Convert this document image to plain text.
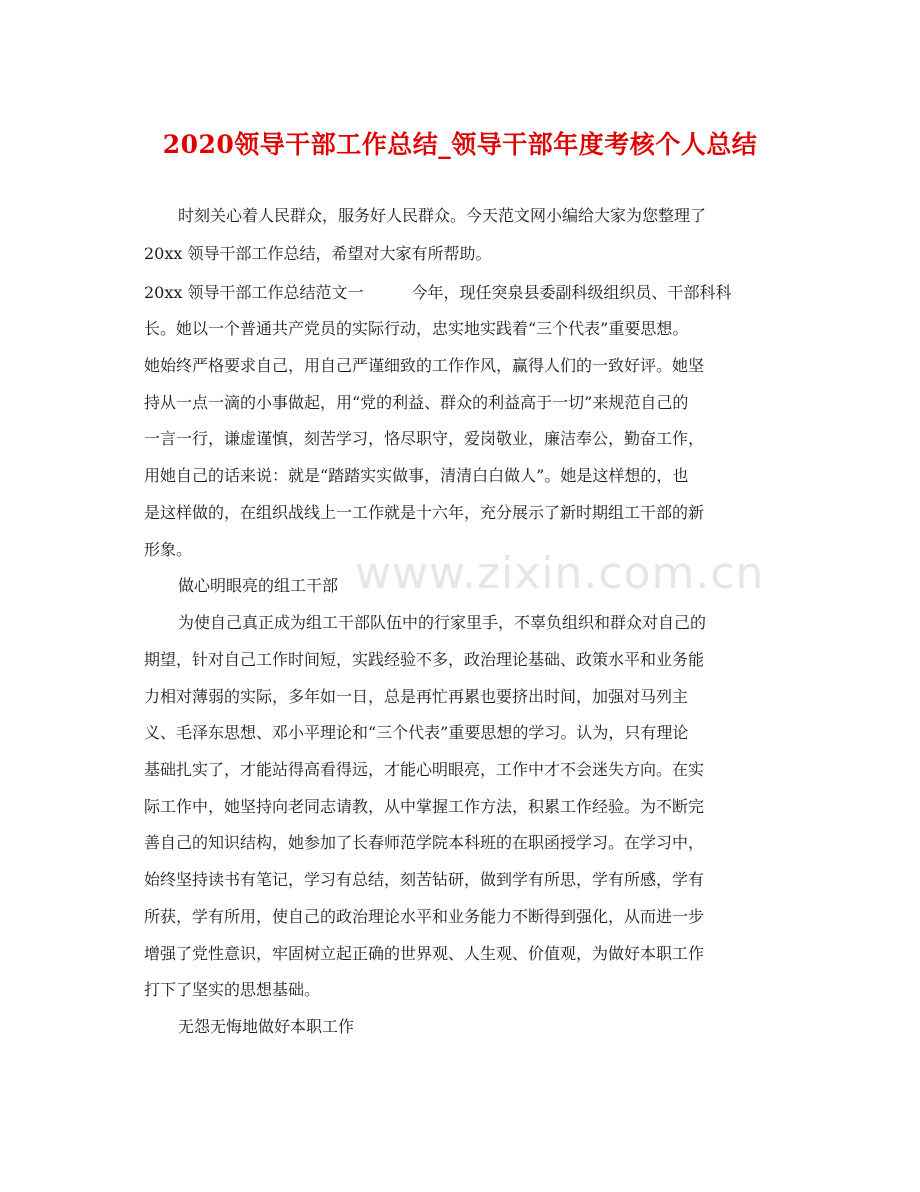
www.zixin.com.cn
2020领导干部工作总结_领导干部年度考核个人总结

时刻关心着人民群众，服务好人民群众。今天范文网小编给大家为您整理了

20xx 领导干部工作总结，希望对大家有所帮助。

20xx 领导干部工作总结范文一　　　今年，现任突泉县委副科级组织员、干部科科

长。她以一个普通共产党员的实际行动，忠实地实践着“三个代表”重要思想。

她始终严格要求自己，用自己严谨细致的工作作风，赢得人们的一致好评。她坚

持从一点一滴的小事做起，用“党的利益、群众的利益高于一切”来规范自己的

一言一行，谦虚谨慎，刻苦学习，恪尽职守，爱岗敬业，廉洁奉公，勤奋工作，

用她自己的话来说：就是“踏踏实实做事，清清白白做人”。她是这样想的，也

是这样做的，在组织战线上一工作就是十六年，充分展示了新时期组工干部的新

形象。

做心明眼亮的组工干部

为使自己真正成为组工干部队伍中的行家里手，不辜负组织和群众对自己的

期望，针对自己工作时间短，实践经验不多，政治理论基础、政策水平和业务能

力相对薄弱的实际，多年如一日，总是再忙再累也要挤出时间，加强对马列主

义、毛泽东思想、邓小平理论和“三个代表”重要思想的学习。认为，只有理论

基础扎实了，才能站得高看得远，才能心明眼亮，工作中才不会迷失方向。在实

际工作中，她坚持向老同志请教，从中掌握工作方法，积累工作经验。为不断完

善自己的知识结构，她参加了长春师范学院本科班的在职函授学习。在学习中，

始终坚持读书有笔记，学习有总结，刻苦钻研，做到学有所思，学有所感，学有

所获，学有所用，使自己的政治理论水平和业务能力不断得到强化，从而进一步

增强了党性意识，牢固树立起正确的世界观、人生观、价值观，为做好本职工作

打下了坚实的思想基础。

无怨无悔地做好本职工作
